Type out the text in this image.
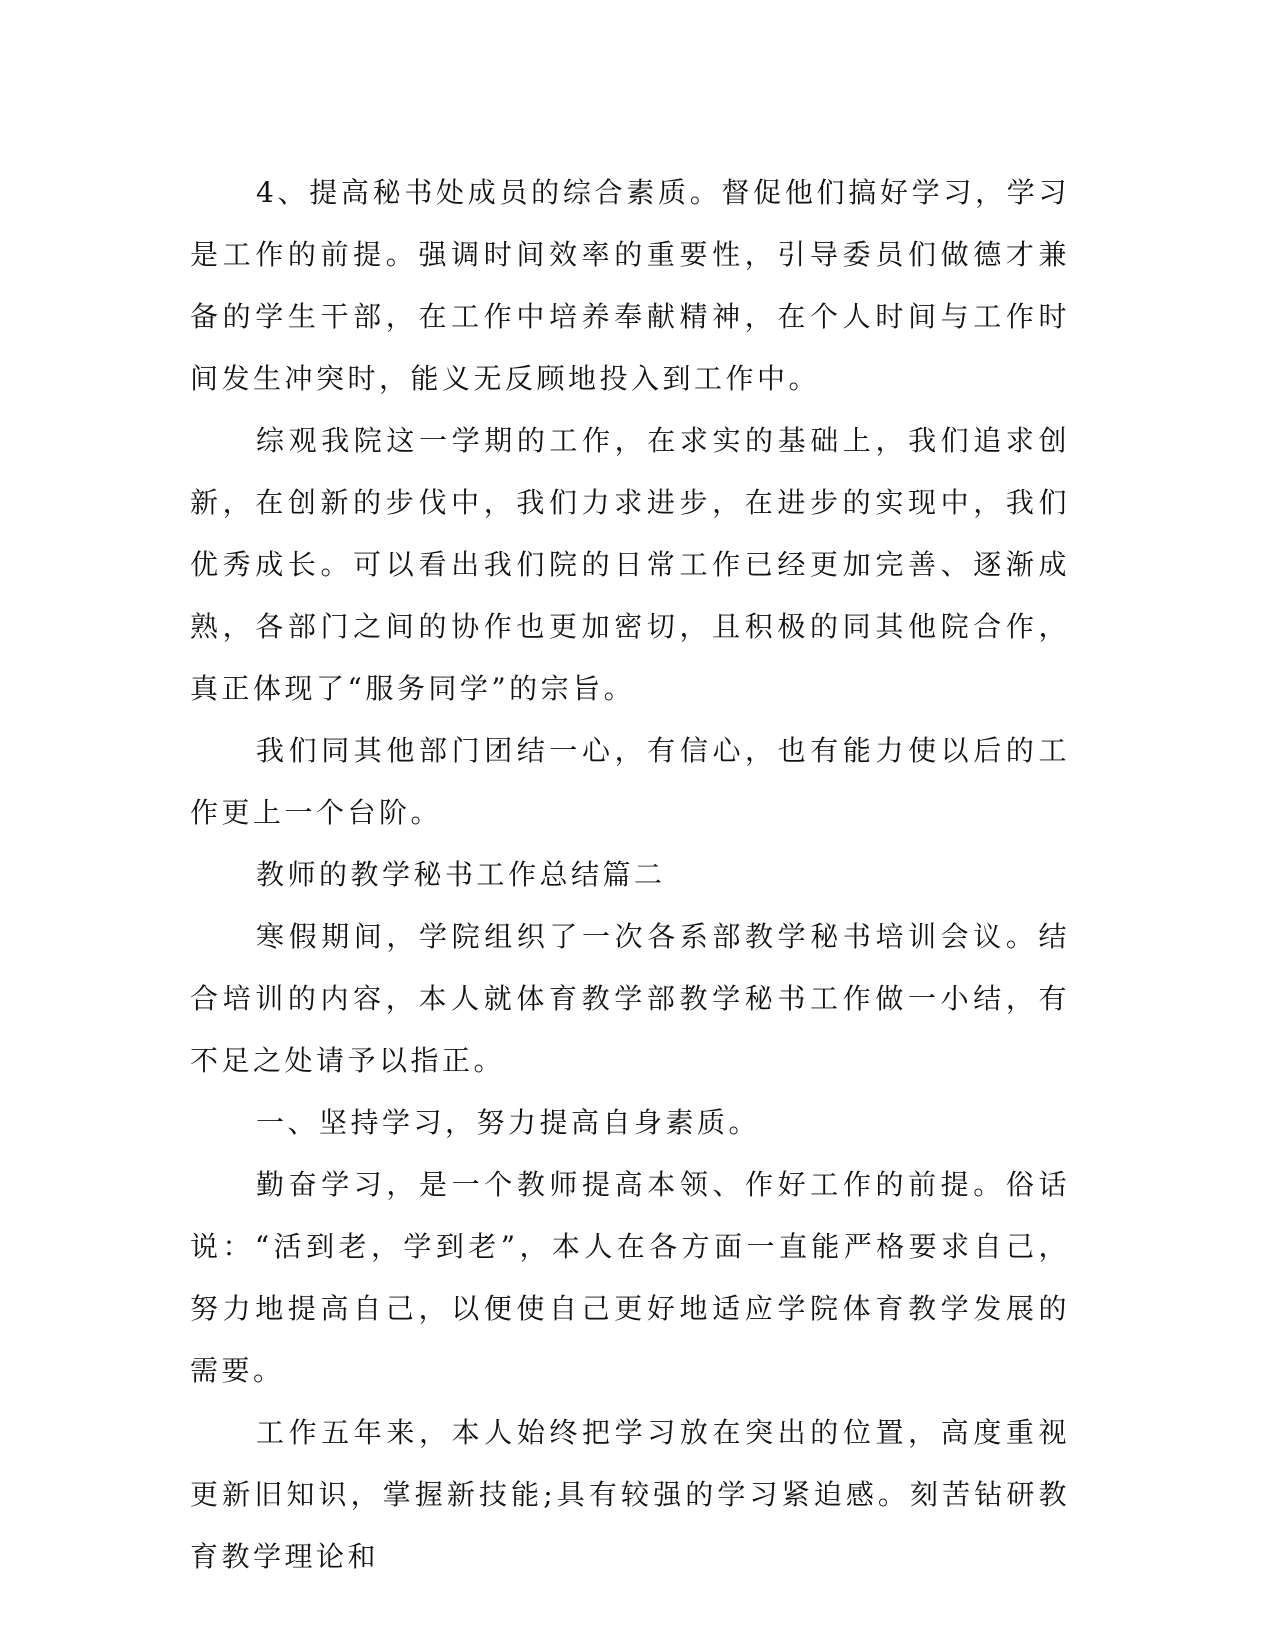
4、提高秘书处成员的综合素质。督促他们搞好学习，学习是工作的前提。强调时间效率的重要性，引导委员们做德才兼备的学生干部，在工作中培养奉献精神，在个人时间与工作时间发生冲突时，能义无反顾地投入到工作中。

综观我院这一学期的工作，在求实的基础上，我们追求创新，在创新的步伐中，我们力求进步，在进步的实现中，我们优秀成长。可以看出我们院的日常工作已经更加完善、逐渐成熟，各部门之间的协作也更加密切，且积极的同其他院合作，真正体现了“服务同学”的宗旨。

我们同其他部门团结一心，有信心，也有能力使以后的工作更上一个台阶。

教师的教学秘书工作总结篇二

寒假期间，学院组织了一次各系部教学秘书培训会议。结合培训的内容，本人就体育教学部教学秘书工作做一小结，有不足之处请予以指正。

一、坚持学习，努力提高自身素质。

勤奋学习，是一个教师提高本领、作好工作的前提。俗话说：“活到老，学到老”，本人在各方面一直能严格要求自己，努力地提高自己，以便使自己更好地适应学院体育教学发展的需要。

工作五年来，本人始终把学习放在突出的位置，高度重视更新旧知识，掌握新技能;具有较强的学习紧迫感。刻苦钻研教育教学理论和
